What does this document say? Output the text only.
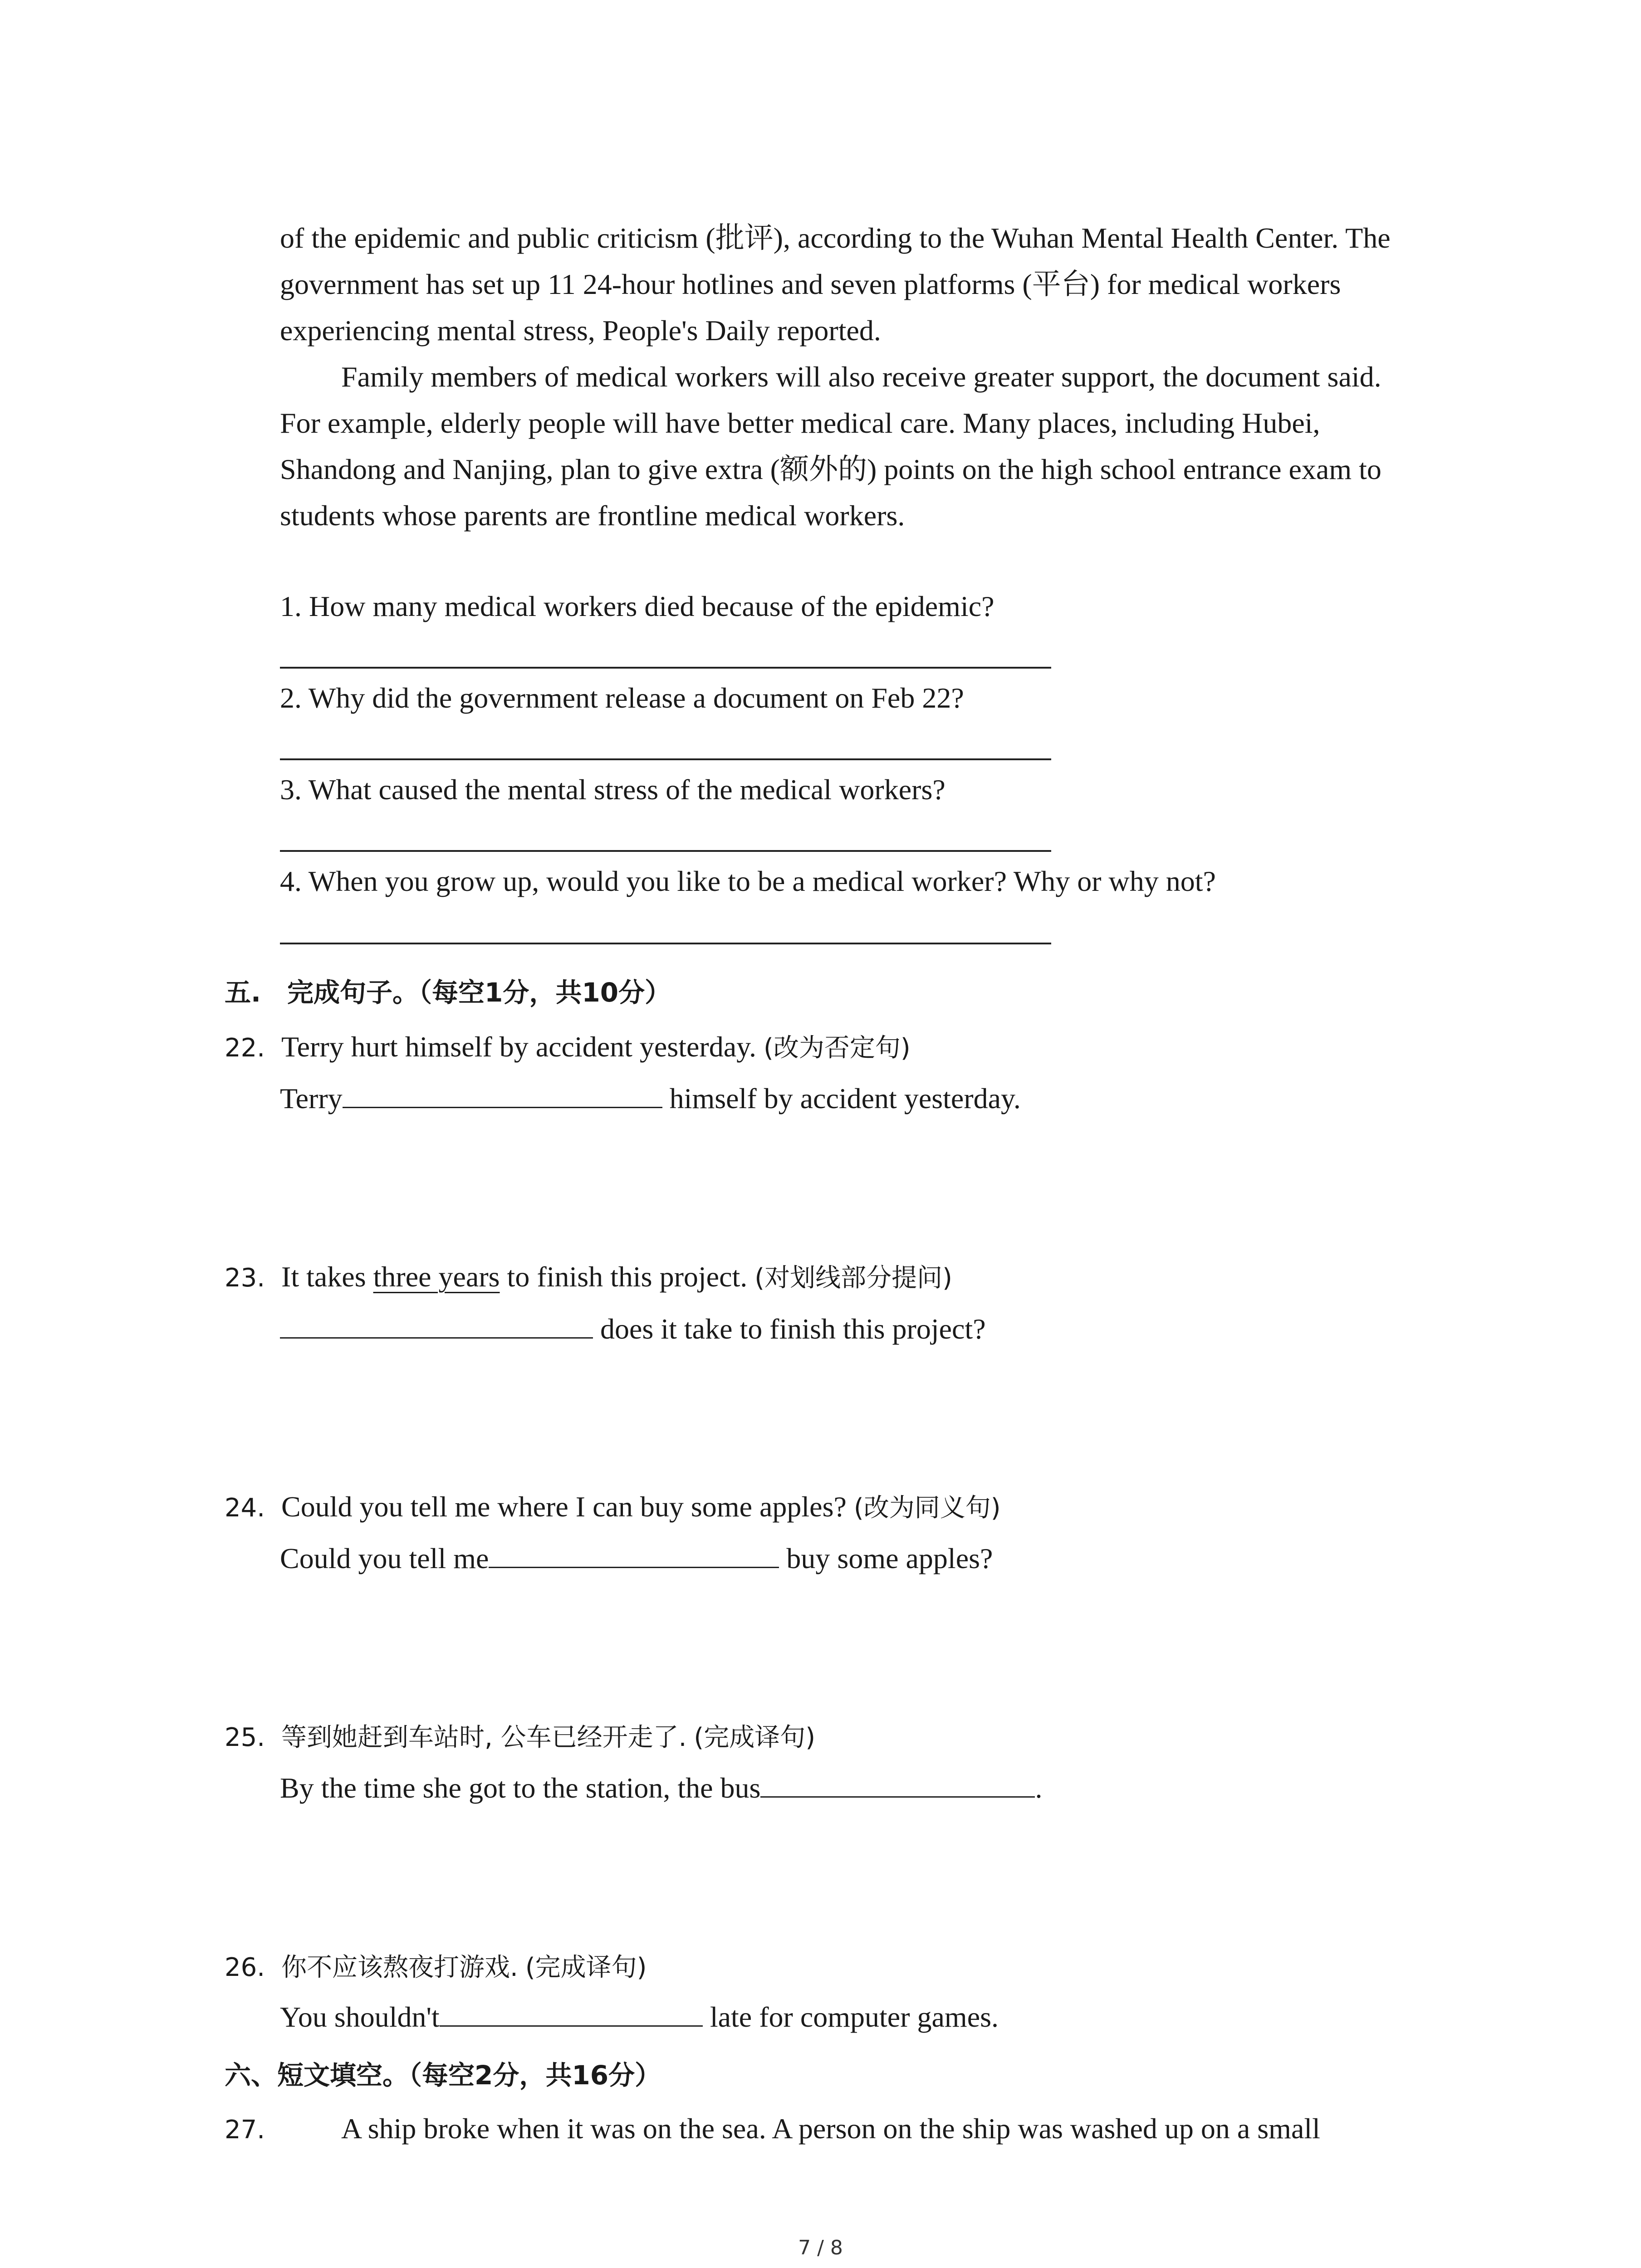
of the epidemic and public criticism (批评), according to the Wuhan Mental Health Center. The
government has set up 11 24-hour hotlines and seven platforms (平台) for medical workers
experiencing mental stress, People's Daily reported.
Family members of medical workers will also receive greater support, the document said.
For example, elderly people will have better medical care. Many places, including Hubei,
Shandong and Nanjing, plan to give extra (额外的) points on the high school entrance exam to
students whose parents are frontline medical workers.
1. How many medical workers died because of the epidemic?
2. Why did the government release a document on Feb 22?
3. What caused the mental stress of the medical workers?
4. When you grow up, would you like to be a medical worker? Why or why not?
五.　完成句子。（每空1分，共10分）
22. Terry hurt himself by accident yesterday. (改为否定句)
Terry	himself by accident yesterday.
23. It takes three years to finish this project. (对划线部分提问)
does it take to finish this project?
24. Could you tell me where I can buy some apples? (改为同义句)
Could you tell me	buy some apples?
25. 等到她赶到车站时, 公车已经开走了. (完成译句)
By the time she got to the station, the bus	.
26. 你不应该熬夜打游戏. (完成译句)
You shouldn't	late for computer games.
六、短文填空。（每空2分，共16分）
27.	A ship broke when it was on the sea. A person on the ship was washed up on a small
7 / 8
